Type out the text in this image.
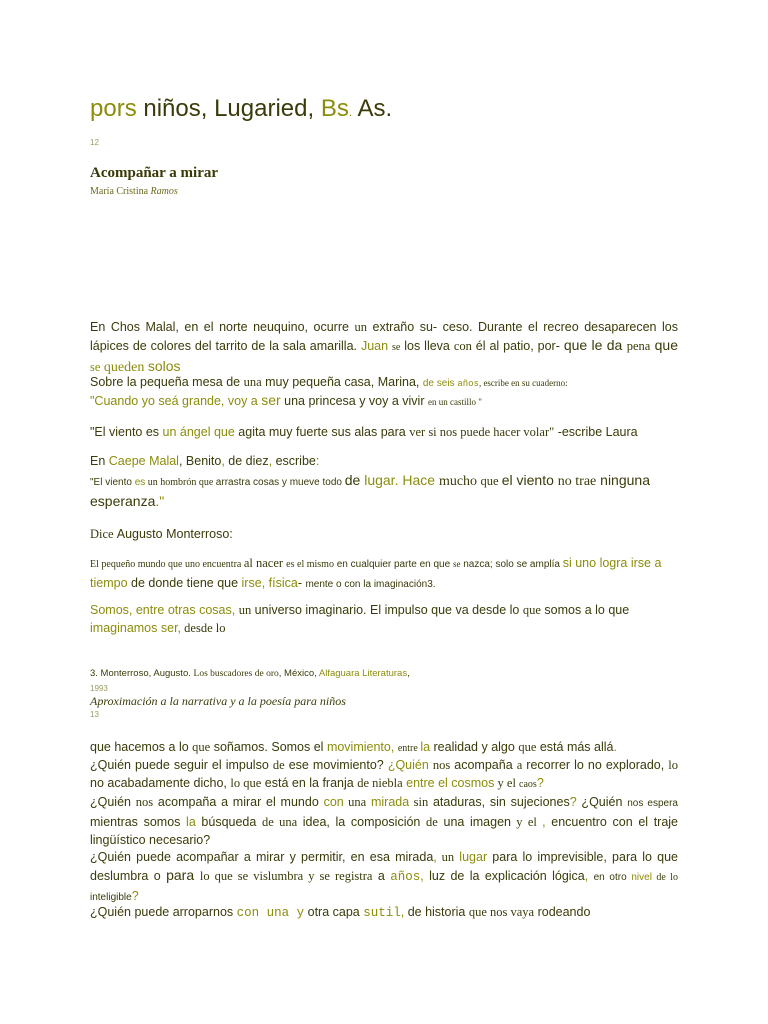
pors niños, Lugaried, Bs. As.
12
Acompañar a mirar
María Cristina Ramos

En Chos Malal, en el norte neuquino, ocurre un extraño su- ceso. Durante el recreo desaparecen los lápices de colores del tarrito de la sala amarilla. Juan se los lleva con él al patio, por- que le da pena que se queden solos

Sobre la pequeña mesa de una muy pequeña casa, Marina, de seis años, escribe en su cuaderno:

"Cuando yo seá grande, voy a ser una princesa y voy a vivir en un castillo "

"El viento es un ángel que agita muy fuerte sus alas para ver si nos puede hacer volar" -escribe Laura

En Caepe Malal, Benito, de diez, escribe:

"El viento es un hombrón que arrastra cosas y mueve todo de lugar. Hace mucho que el viento no trae ninguna esperanza."

Dice Augusto Monterroso:

El pequeño mundo que uno encuentra al nacer es el mismo en cualquier parte en que se nazca; solo se amplía si uno logra irse a tiempo de donde tiene que irse, física- mente o con la imaginación3.

Somos, entre otras cosas, un universo imaginario. El impulso que va desde lo que somos a lo que imaginamos ser, desde lo

3. Monterroso, Augusto. Los buscadores de oro, México, Alfaguara Literaturas,

1993

Aproximación a la narrativa y a la poesía para niños

13

que hacemos a lo que soñamos. Somos el movimiento, entre la realidad y algo que está más allá.

¿Quién puede seguir el impulso de ese movimiento? ¿Quién nos acompaña a recorrer lo no explorado, lo no acabadamente dicho, lo que está en la franja de niebla entre el cosmos y el caos?

¿Quién nos acompaña a mirar el mundo con una mirada sin ataduras, sin sujeciones? ¿Quién nos espera mientras somos la búsqueda de una idea, la composición de una imagen y el , encuentro con el traje lingüístico necesario?

¿Quién puede acompañar a mirar y permitir, en esa mirada, un lugar para lo imprevisible, para lo que deslumbra o para lo que se vislumbra y se registra a años, luz de la explicación lógica, en otro nivel de lo inteligible?

¿Quién puede arroparnos con una y otra capa sutil, de historia que nos vaya rodeando
